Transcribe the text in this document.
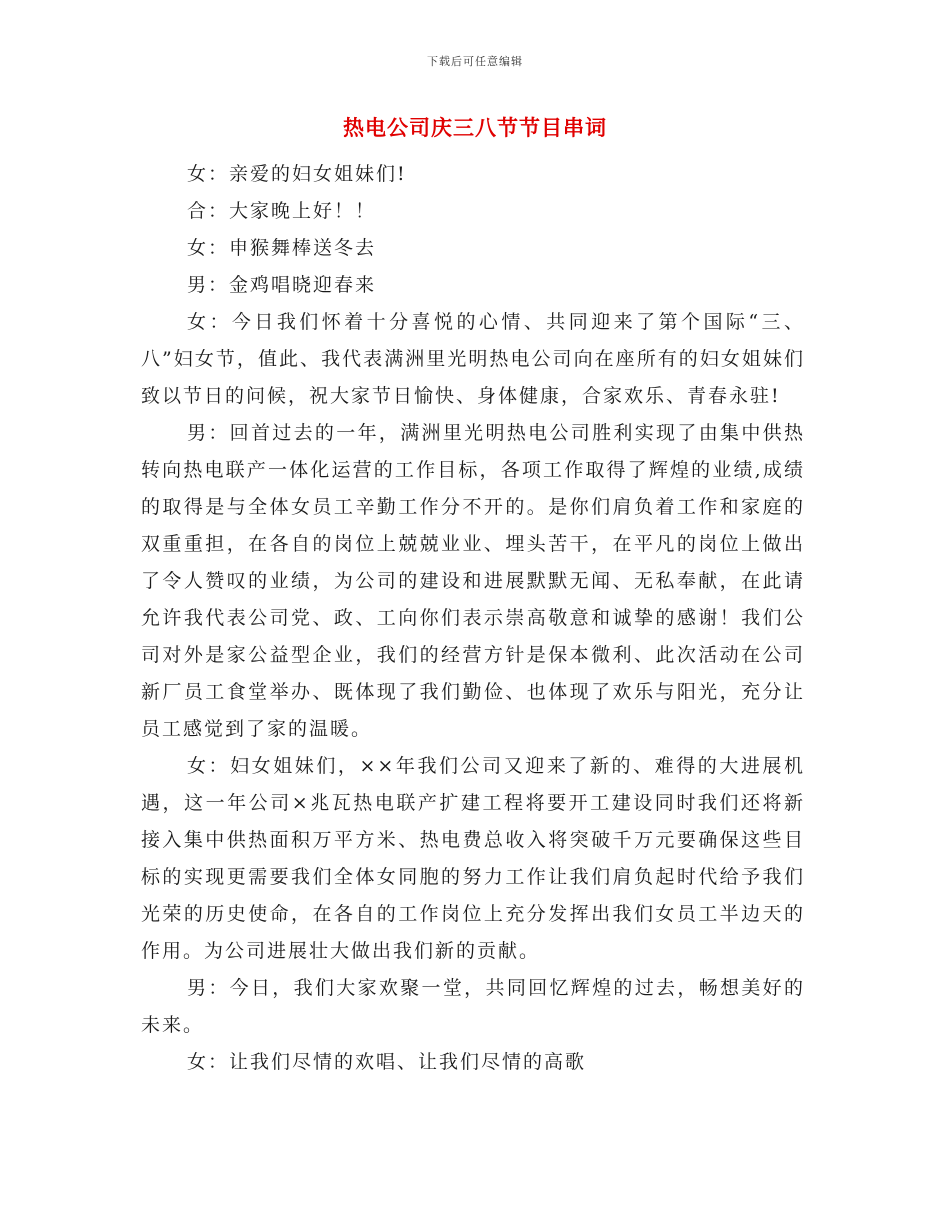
下载后可任意编辑
热电公司庆三八节节目串词

女：亲爱的妇女姐妹们!

合：大家晚上好！！

女：申猴舞棒送冬去

男：金鸡唱晓迎春来

女：今日我们怀着十分喜悦的心情、共同迎来了第个国际“三、八”妇女节，值此、我代表满洲里光明热电公司向在座所有的妇女姐妹们致以节日的问候，祝大家节日愉快、身体健康，合家欢乐、青春永驻!

男：回首过去的一年，满洲里光明热电公司胜利实现了由集中供热转向热电联产一体化运营的工作目标，各项工作取得了辉煌的业绩,成绩的取得是与全体女员工辛勤工作分不开的。是你们肩负着工作和家庭的双重重担，在各自的岗位上兢兢业业、埋头苦干，在平凡的岗位上做出了令人赞叹的业绩，为公司的建设和进展默默无闻、无私奉献，在此请允许我代表公司党、政、工向你们表示崇高敬意和诚挚的感谢！我们公司对外是家公益型企业，我们的经营方针是保本微利、此次活动在公司新厂员工食堂举办、既体现了我们勤俭、也体现了欢乐与阳光，充分让员工感觉到了家的温暖。

女：妇女姐妹们，××年我们公司又迎来了新的、难得的大进展机遇，这一年公司×兆瓦热电联产扩建工程将要开工建设同时我们还将新接入集中供热面积万平方米、热电费总收入将突破千万元要确保这些目标的实现更需要我们全体女同胞的努力工作让我们肩负起时代给予我们光荣的历史使命，在各自的工作岗位上充分发挥出我们女员工半边天的作用。为公司进展壮大做出我们新的贡献。

男：今日，我们大家欢聚一堂，共同回忆辉煌的过去，畅想美好的未来。

女：让我们尽情的欢唱、让我们尽情的高歌
